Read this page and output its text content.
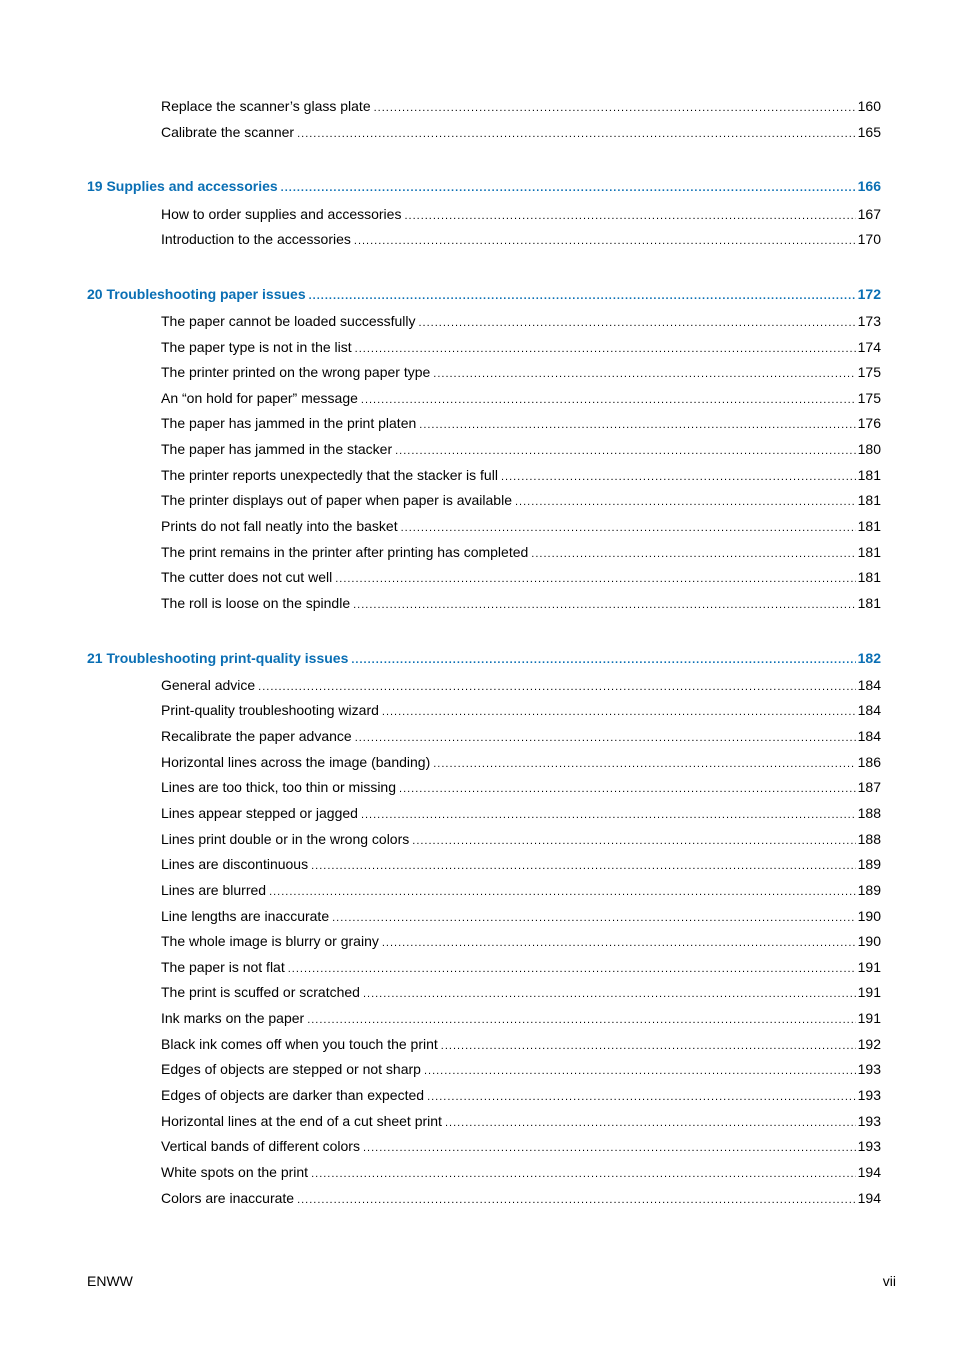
Replace the scanner’s glass plate .....	160
Calibrate the scanner .....	165
19 Supplies and accessories .....	166
How to order supplies and accessories .....	167
Introduction to the accessories .....	170
20 Troubleshooting paper issues .....	172
The paper cannot be loaded successfully .....	173
The paper type is not in the list .....	174
The printer printed on the wrong paper type .....	175
An “on hold for paper” message .....	175
The paper has jammed in the print platen .....	176
The paper has jammed in the stacker .....	180
The printer reports unexpectedly that the stacker is full .....	181
The printer displays out of paper when paper is available .....	181
Prints do not fall neatly into the basket .....	181
The print remains in the printer after printing has completed .....	181
The cutter does not cut well .....	181
The roll is loose on the spindle .....	181
21 Troubleshooting print-quality issues .....	182
General advice .....	184
Print-quality troubleshooting wizard .....	184
Recalibrate the paper advance .....	184
Horizontal lines across the image (banding) .....	186
Lines are too thick, too thin or missing .....	187
Lines appear stepped or jagged .....	188
Lines print double or in the wrong colors .....	188
Lines are discontinuous .....	189
Lines are blurred .....	189
Line lengths are inaccurate .....	190
The whole image is blurry or grainy .....	190
The paper is not flat .....	191
The print is scuffed or scratched .....	191
Ink marks on the paper .....	191
Black ink comes off when you touch the print .....	192
Edges of objects are stepped or not sharp .....	193
Edges of objects are darker than expected .....	193
Horizontal lines at the end of a cut sheet print .....	193
Vertical bands of different colors .....	193
White spots on the print .....	194
Colors are inaccurate .....	194
ENWW	vii
